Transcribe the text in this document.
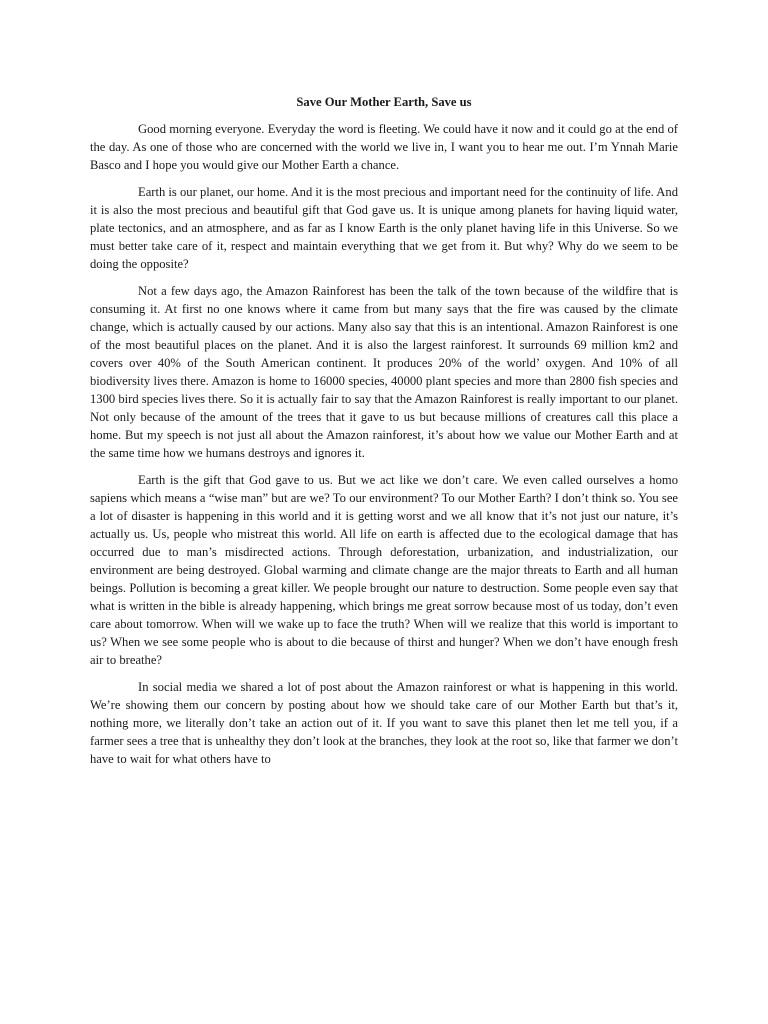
Save Our Mother Earth, Save us

Good morning everyone. Everyday the word is fleeting. We could have it now and it could go at the end of the day. As one of those who are concerned with the world we live in, I want you to hear me out. I’m Ynnah Marie Basco and I hope you would give our Mother Earth a chance.

Earth is our planet, our home. And it is the most precious and important need for the continuity of life. And it is also the most precious and beautiful gift that God gave us. It is unique among planets for having liquid water, plate tectonics, and an atmosphere, and as far as I know Earth is the only planet having life in this Universe. So we must better take care of it, respect and maintain everything that we get from it. But why? Why do we seem to be doing the opposite?

Not a few days ago, the Amazon Rainforest has been the talk of the town because of the wildfire that is consuming it. At first no one knows where it came from but many says that the fire was caused by the climate change, which is actually caused by our actions. Many also say that this is an intentional. Amazon Rainforest is one of the most beautiful places on the planet. And it is also the largest rainforest. It surrounds 69 million km2 and covers over 40% of the South American continent. It produces 20% of the world’ oxygen. And 10% of all biodiversity lives there. Amazon is home to 16000 species, 40000 plant species and more than 2800 fish species and 1300 bird species lives there. So it is actually fair to say that the Amazon Rainforest is really important to our planet. Not only because of the amount of the trees that it gave to us but because millions of creatures call this place a home. But my speech is not just all about the Amazon rainforest, it’s about how we value our Mother Earth and at the same time how we humans destroys and ignores it.

Earth is the gift that God gave to us. But we act like we don’t care. We even called ourselves a homo sapiens which means a “wise man” but are we? To our environment? To our Mother Earth? I don’t think so. You see a lot of disaster is happening in this world and it is getting worst and we all know that it’s not just our nature, it’s actually us. Us, people who mistreat this world. All life on earth is affected due to the ecological damage that has occurred due to man’s misdirected actions. Through deforestation, urbanization, and industrialization, our environment are being destroyed. Global warming and climate change are the major threats to Earth and all human beings. Pollution is becoming a great killer. We people brought our nature to destruction. Some people even say that what is written in the bible is already happening, which brings me great sorrow because most of us today, don’t even care about tomorrow. When will we wake up to face the truth? When will we realize that this world is important to us? When we see some people who is about to die because of thirst and hunger? When we don’t have enough fresh air to breathe?

In social media we shared a lot of post about the Amazon rainforest or what is happening in this world. We’re showing them our concern by posting about how we should take care of our Mother Earth but that’s it, nothing more, we literally don’t take an action out of it. If you want to save this planet then let me tell you, if a farmer sees a tree that is unhealthy they don’t look at the branches, they look at the root so, like that farmer we don’t have to wait for what others have to
